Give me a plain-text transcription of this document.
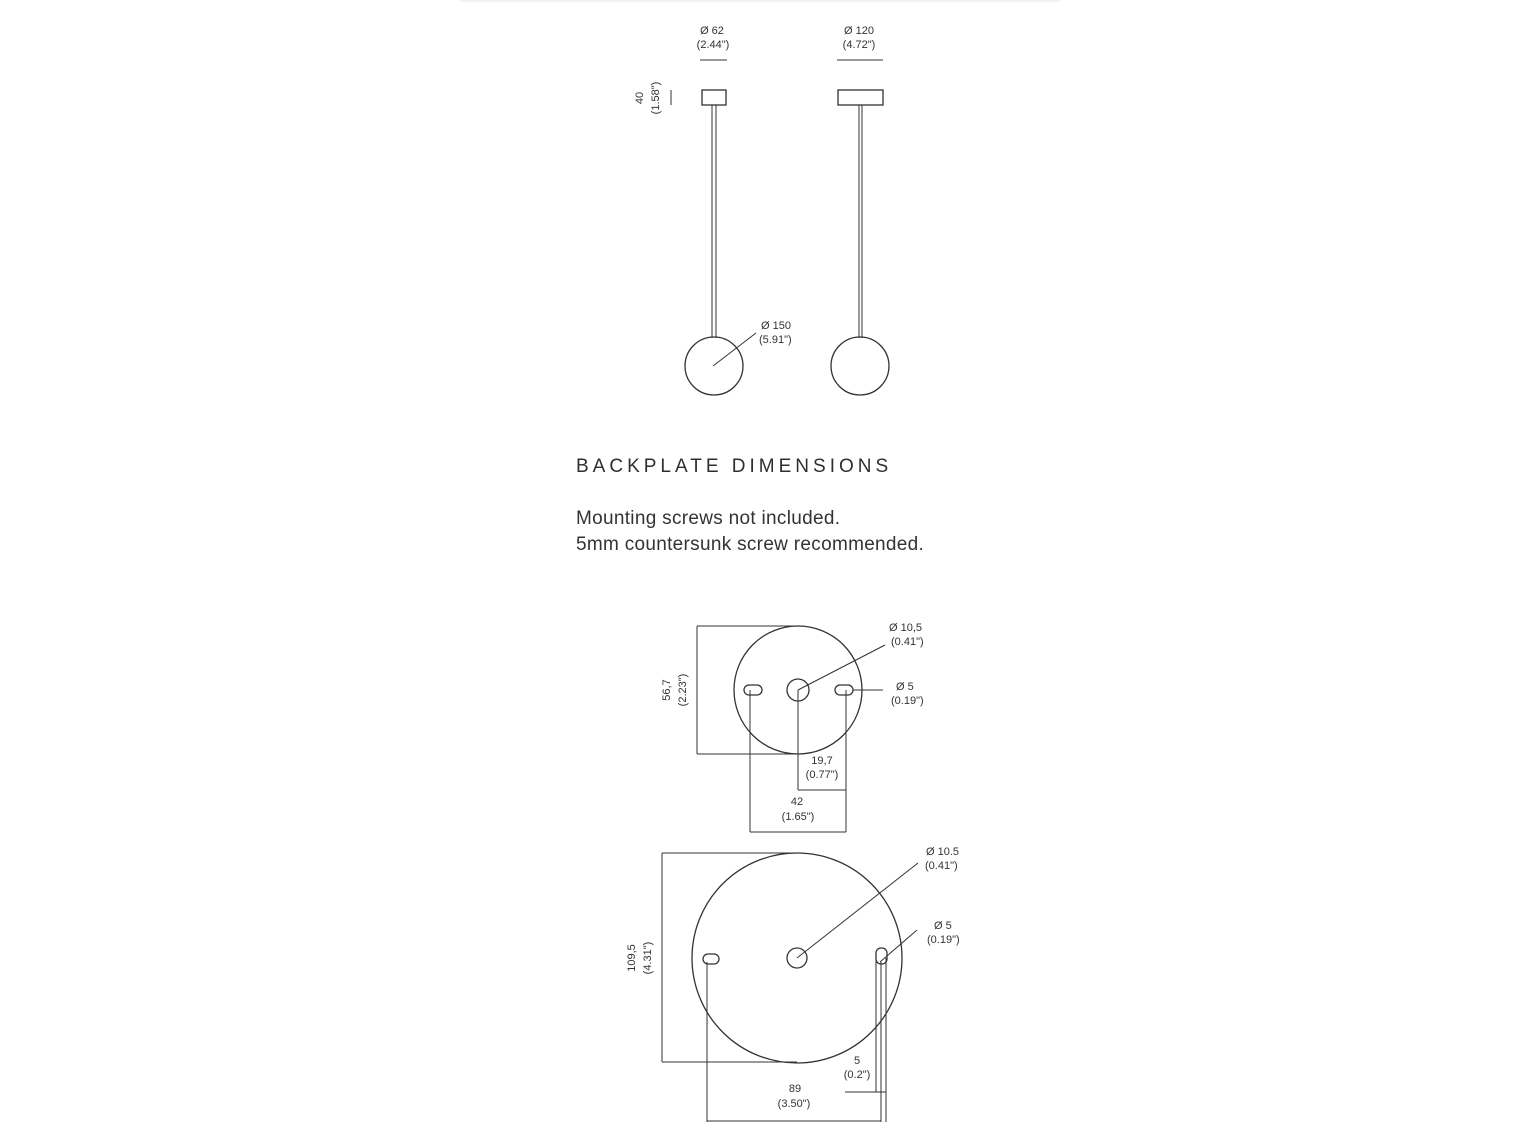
Ø 62
(2.44")
Ø 150
(5.91")
40 (1.58")
Ø 120
(4.72")
Ø 10,5
(0.41")
Ø 5
(0.19")
56,7 (2.23")
19,7
(0.77")
42
(1.65")
Ø 10.5
(0.41")
Ø 5
(0.19")
109,5 (4.31")
5
(0.2")
89
(3.50")
BACKPLATE DIMENSIONS
Mounting screws not included.
5mm countersunk screw recommended.
